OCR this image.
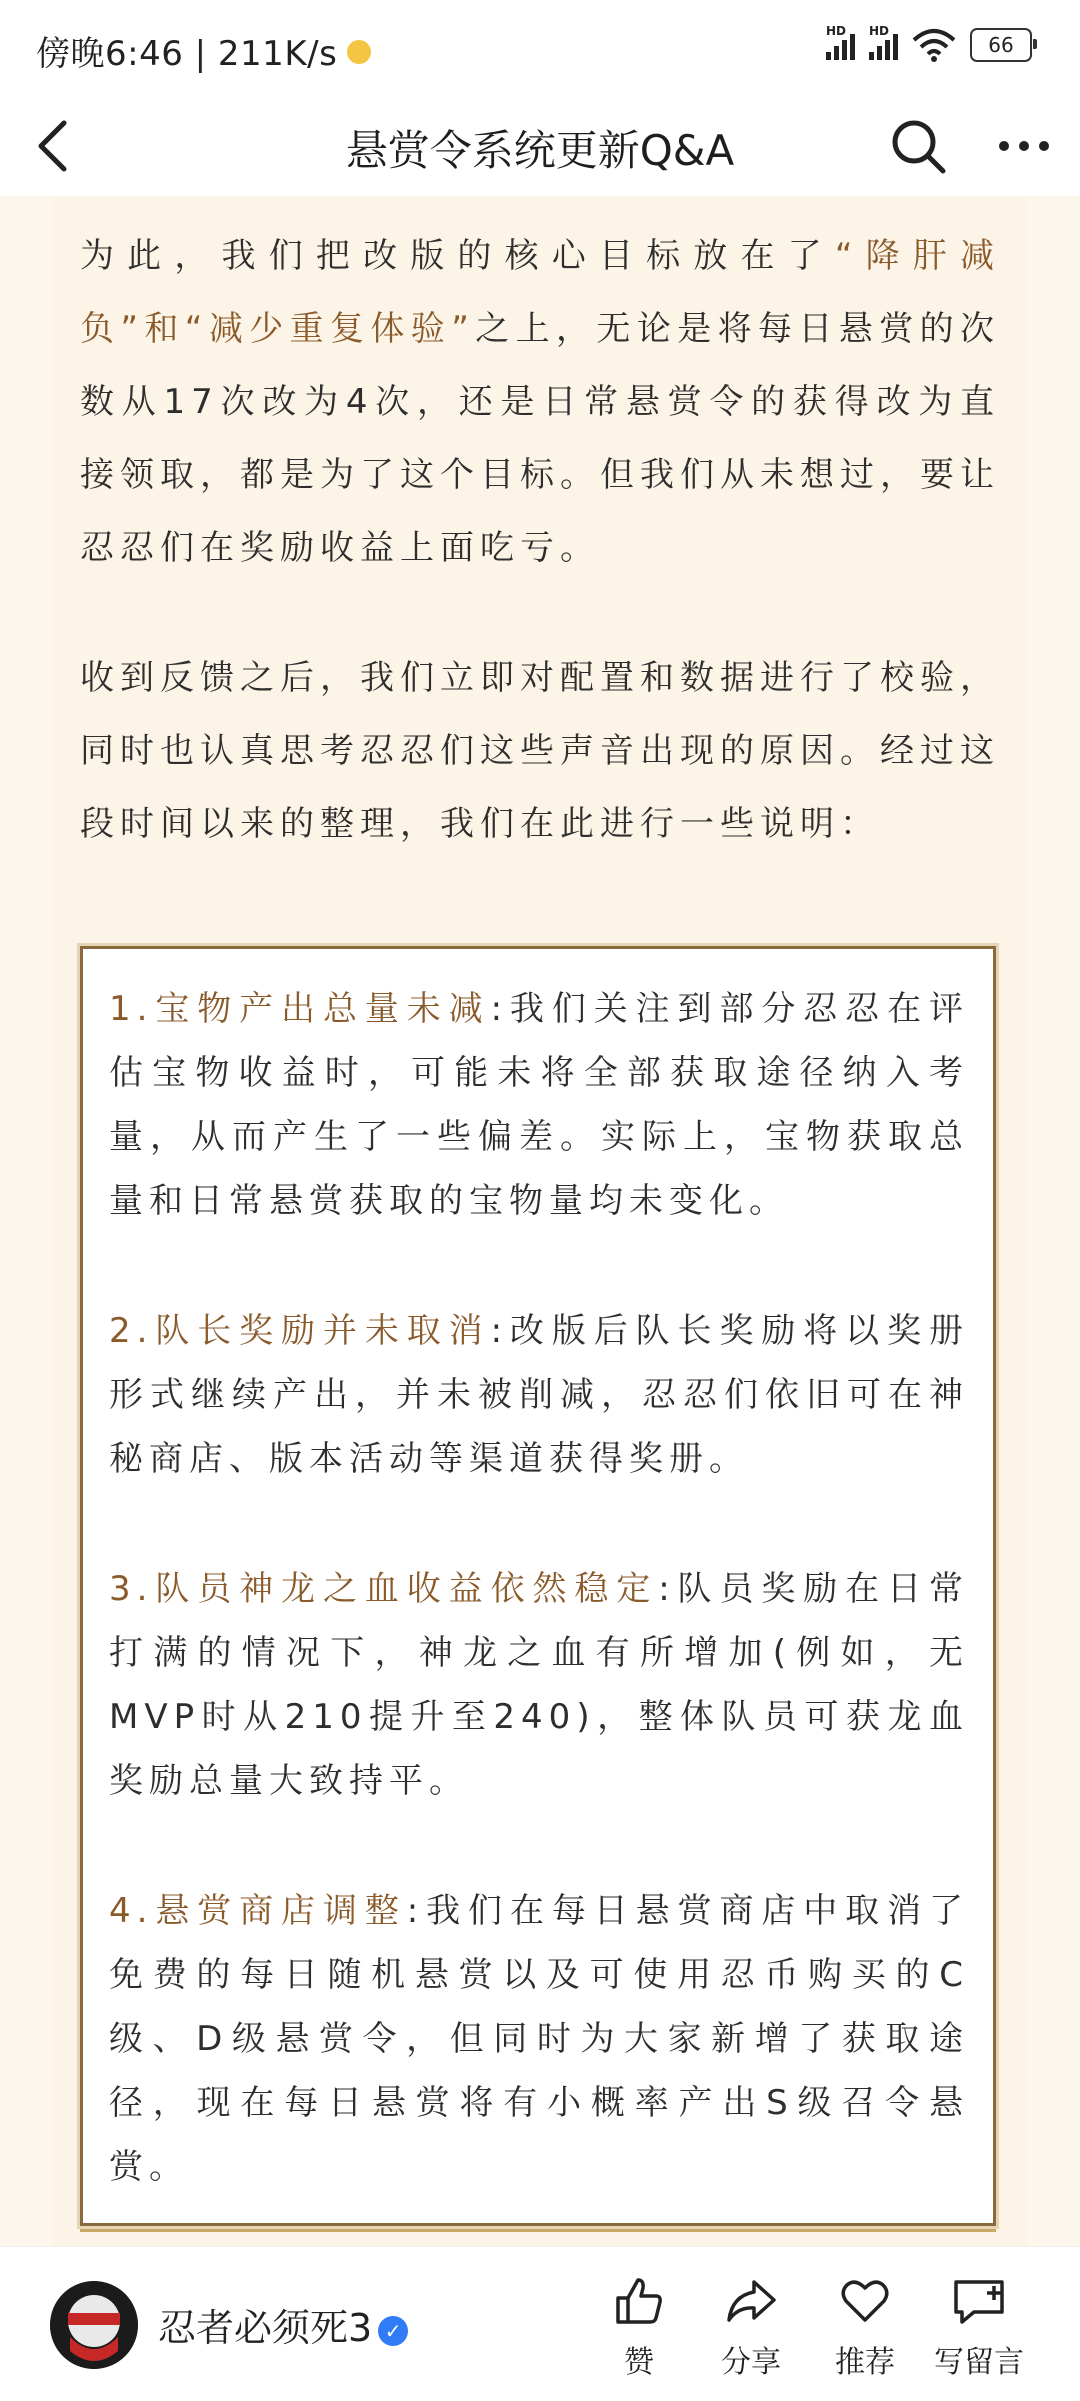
傍晚6:46 | 211K/s
HD HD
66
悬赏令系统更新Q&A

为此，我们把改版的核心目标放在了“降肝减负”和“减少重复体验”之上，无论是将每日悬赏的次数从17次改为4次，还是日常悬赏令的获得改为直接领取，都是为了这个目标。但我们从未想过，要让忍忍们在奖励收益上面吃亏。

收到反馈之后，我们立即对配置和数据进行了校验，同时也认真思考忍忍们这些声音出现的原因。经过这段时间以来的整理，我们在此进行一些说明：

1.宝物产出总量未减:我们关注到部分忍忍在评估宝物收益时，可能未将全部获取途径纳入考量，从而产生了一些偏差。实际上，宝物获取总量和日常悬赏获取的宝物量均未变化。

2.队长奖励并未取消:改版后队长奖励将以奖册形式继续产出，并未被削减，忍忍们依旧可在神秘商店、版本活动等渠道获得奖册。

3.队员神龙之血收益依然稳定:队员奖励在日常打满的情况下，神龙之血有所增加(例如，无MVP时从210提升至240)，整体队员可获龙血奖励总量大致持平。

4.悬赏商店调整:我们在每日悬赏商店中取消了免费的每日随机悬赏以及可使用忍币购买的C级、D级悬赏令，但同时为大家新增了获取途径，现在每日悬赏将有小概率产出S级召令悬赏。

忍者必须死3 ✓
赞	分享	推荐	写留言
